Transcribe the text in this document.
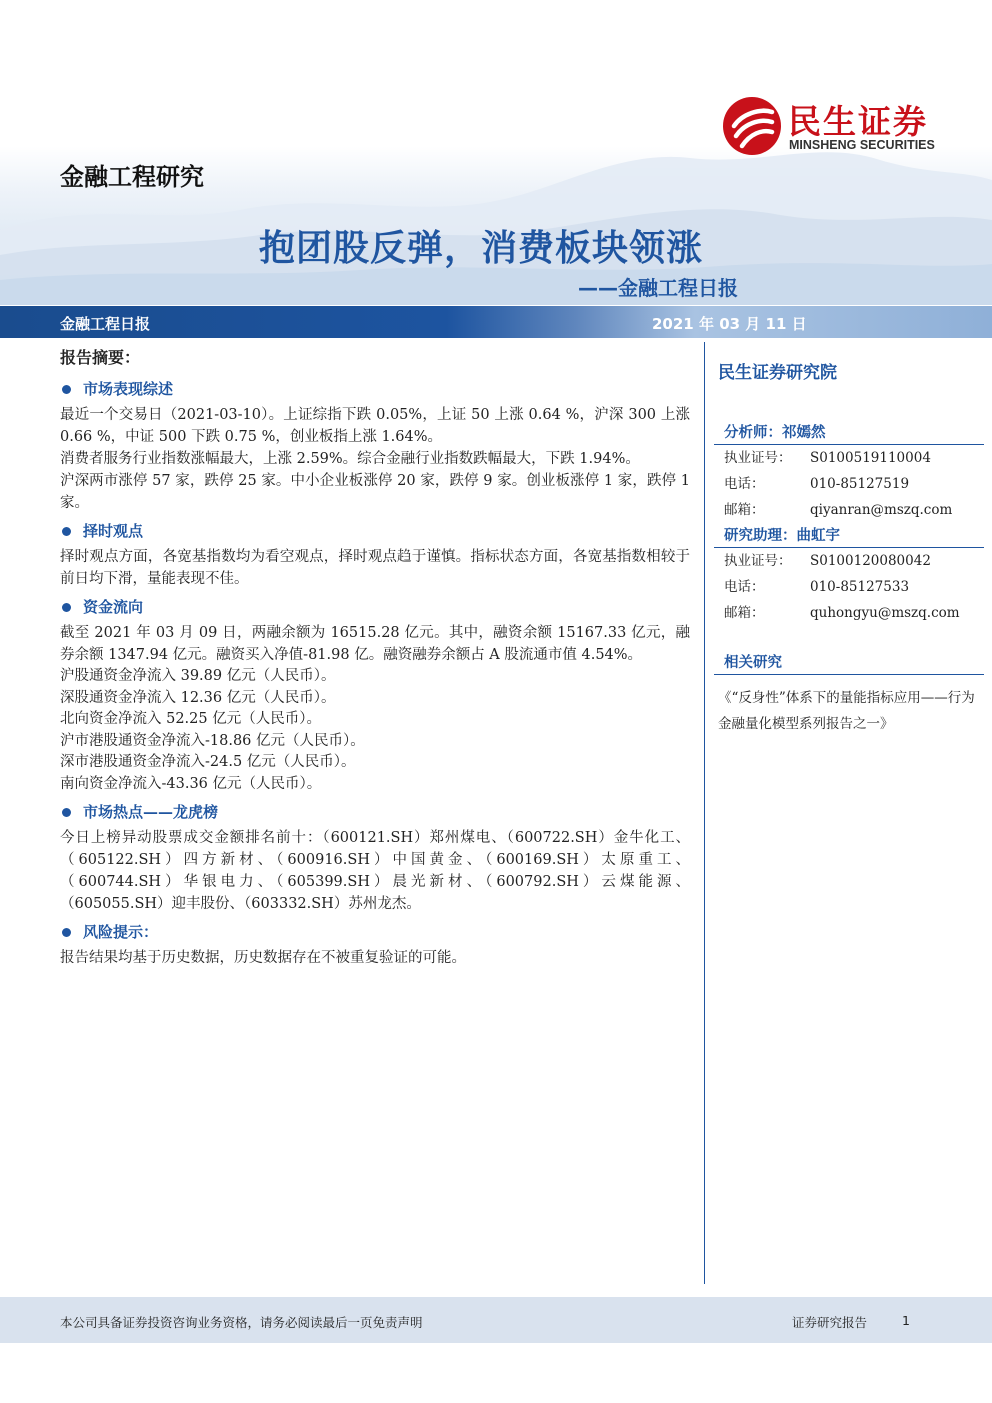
民生证券
MINSHENG SECURITIES
金融工程研究
抱团股反弹，消费板块领涨
——金融工程日报
金融工程日报	2021 年 03 月 11 日
报告摘要：
市场表现综述

最近一个交易日（2021-03-10）。上证综指下跌 0.05%，上证 50 上涨 0.64 %，沪深 300 上涨 0.66 %，中证 500 下跌 0.75 %，创业板指上涨 1.64%。

消费者服务行业指数涨幅最大，上涨 2.59%。综合金融行业指数跌幅最大，下跌 1.94%。

沪深两市涨停 57 家，跌停 25 家。中小企业板涨停 20 家，跌停 9 家。创业板涨停 1 家，跌停 1 家。

择时观点

择时观点方面，各宽基指数均为看空观点，择时观点趋于谨慎。指标状态方面，各宽基指数相较于前日均下滑，量能表现不佳。

资金流向

截至 2021 年 03 月 09 日，两融余额为 16515.28 亿元。其中，融资余额 15167.33 亿元，融券余额 1347.94 亿元。融资买入净值-81.98 亿。融资融券余额占 A 股流通市值 4.54%。

沪股通资金净流入 39.89 亿元（人民币）。

深股通资金净流入 12.36 亿元（人民币）。

北向资金净流入 52.25 亿元（人民币）。

沪市港股通资金净流入-18.86 亿元（人民币）。

深市港股通资金净流入-24.5 亿元（人民币）。

南向资金净流入-43.36 亿元（人民币）。

市场热点——龙虎榜

今日上榜异动股票成交金额排名前十：（600121.SH）郑州煤电、（600722.SH）金牛化工、（605122.SH）四方新材、（600916.SH）中国黄金、（600169.SH）太原重工、（600744.SH）华银电力、（605399.SH）晨光新材、（600792.SH）云煤能源、（605055.SH）迎丰股份、（603332.SH）苏州龙杰。

风险提示：

报告结果均基于历史数据，历史数据存在不被重复验证的可能。

民生证券研究院
分析师：祁嫣然
执业证号： S0100519110004
电话：	010-85127519
邮箱：	qiyanran@mszq.com
研究助理：曲虹宇
执业证号： S0100120080042
电话：	010-85127533
邮箱：	quhongyu@mszq.com
相关研究
《“反身性”体系下的量能指标应用——行为金融量化模型系列报告之一》
本公司具备证券投资咨询业务资格，请务必阅读最后一页免责声明	证券研究报告	1
